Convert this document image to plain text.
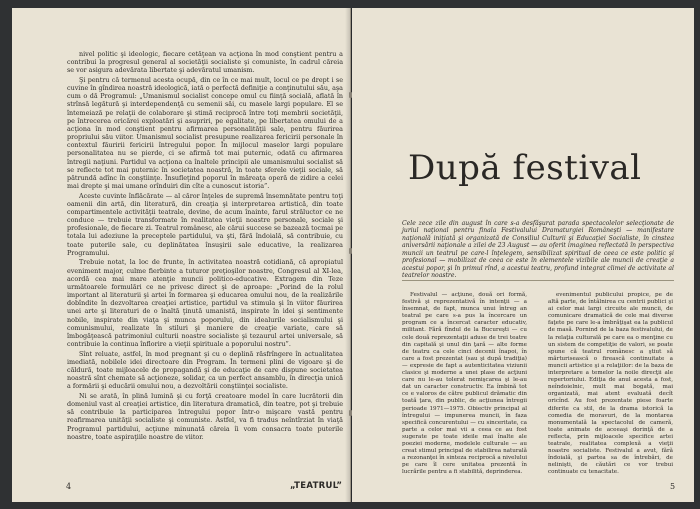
nivel politic şi ideologic, fiecare cetăţean va acţiona în mod conştient pentru a contribui la progresul general al societăţii socialiste şi comuniste, în cadrul căreia se vor asigura adevărata libertate şi adevăratul umanism.

Şi pentru că termenul acesta ocupă, din ce în ce mai mult, locul ce pe drept i se cuvine în gîndirea noastră ideologică, iată o perfectă definiţie a conţinutului său, aşa cum o dă Programul: „Umanismul socialist concepe omul cu fiinţă socială, aflată în strînsă legătură şi interdependenţă cu semenii săi, cu masele largi populare. El se întemeiază pe relaţii de colaborare şi stimă reciprocă între toţi membrii societăţii, pe întrecerea oricărei exploatări şi asupriri, pe egalitate, pe libertatea omului de a acţiona în mod conştient pentru afirmarea personalităţii sale, pentru făurirea propriului său viitor. Umanismul socialist presupune realizarea fericirii personale în contextul făuririi fericirii întregului popor. În mijlocul maselor largi populare personalitatea nu se pierde, ci se afirmă tot mai puternic, odată cu afirmarea întregii naţiuni. Partidul va acţiona ca înaltele principii ale umanismului socialist să se reflecte tot mai puternic în societatea noastră, în toate sferele vieţii sociale, să pătrundă adînc în conştiinţe. Însufleţind poporul în măreaţa operă de zidire a celei mai drepte şi mai umane orînduiri din cîte a cunoscut istoria”.

Aceste cuvinte înflăcărate — al căror înţeles de supremă însemnătate pentru toţi oamenii din artă, din literatură, din creaţia şi interpretarea artistică, din toate compartimentele activităţii teatrale, devine, de acum înainte, farul străluctor ce ne conduce — trebuie transformate în realitatea vieţii noastre personale, sociale şi profesionale, de fiecare zi. Teatrul românesc, ale cărui succese se bazează tocmai pe totala lui adeziune la preceptele partidului, va şti, fără îndoială, să contribuie, cu toate puterile sale, cu deplinătatea însuşirii sale educative, la realizarea Programului.

Trebuie notat, la loc de frunte, în activitatea noastră cotidiană, că apropiatul eveniment major, culme fierbinte a tuturor preţioşilor noastre, Congresul al XI-lea, acordă cea mai mare atenţie muncii politico-educative. Extragem din Teze următoarele formulări ce ne privesc direct şi de aproape: „Porind de la rolul important al literaturii şi artei în formarea şi educarea omului nou, de la realizările dobîndite în dezvoltarea creaţiei artistice, partidul va stimula şi în viitor făurirea unei arte şi literaturi de o înaltă ţinută umanistă, inspirate în idei şi sentimente nobile, inspirate din viaţa şi munca poporului, din idealurile socialismului şi comunismului, realizate în stiluri şi maniere de creaţie variate, care să îmbogăţească patrimoniul culturii noastre socialiste şi tezaurul artei universale, să contribuie la continua înflorire a vieţii spirituale a poporului nostru”.

Sînt reluate, astfel, în mod pregnant şi cu o deplină răsfrîngere în actualitatea imediată, nobilele idei directoare din Program. În termeni plini de vigoare şi de căldură, toate mijloacele de propagandă şi de educaţie de care dispune societatea noastră sînt chemate să acţioneze, solidar, ca un perfect ansamblu, în direcţia unică a formării şi educării omului nou, a dezvoltării conştiinţei socialiste.

Ni se arată, în plină lumină şi cu forţă creatoare model în care lucrătorii din domeniul vast al creaţiei artistice, din literatura dramatică, din teatre, pot şi trebuie să contribuie la participarea întregului popor într-o mişcare vastă pentru reafirmarea unităţii socialiste şi comuniste. Astfel, va fi tradus neîntîrziat în viaţă Programul partidului, acţiune minunată căreia îi vom consacra toate puterile noastre, toate aspiraţiile noastre de viitor.

4	„TEATRUL”
După festival
Cele zece zile din august în care s-a desfăşurat parada spectacolelor selecţionate de juriul naţional pentru finala Festivalului Dramaturgiei Româneşti — manifestare naţională iniţiată şi organizată de Consiliul Culturii şi Educaţiei Socialiste, în cinstea aniversării naţionale a zilei de 23 August — au oferit imaginea reflectată în perspectiva muncii un teatrul pe care-l înţelegem, sensibilizat spiritual de ceea ce este politic şi profesional — mobilizat de ceea ce este în elementele vizibile ale muncii de creaţie a acestui popor, şi în primul rînd, a acestui teatru, profund integrat climei de activitate al teatrelor noastre.

Festivalul — acţiune, două ori formă, festivă şi reprezentativă în intenţii — a însemnat, de fapt, munca unui întreg an teatral pe care s-a pus la încercare un program ce a încercat caracter educativ, militant. Fără fîndul de la Bucureşti — cu cele două reprezentaţii aduse de trei teatre din capitală şi unul din ţară — alte forme de teatru ca cele cinci decenii înapoi, în care a fost prezentat (sau şi după tradiţia) — expresie de fapt a autenticitatea viziunii clasice şi moderne a unei plase de acţiuni care nu le-au tolerat nemişcarea şi le-au dat un caracter constructiv. Ea îmbină tot ce e valoros de către publicul drămatic din toată ţara, din public, de acţiunea întregii perioade 1971—1975. Obiectiv principal al întregului — impunerea muncii, în faza specifică concurentului — cu sinceritate, ca parte a celor mai vii a ceea ce au fost sugerate pe toate ideile mai înalte ale poeziei moderne, modelele culturale — au creat stimul principal de stabilirea naturală a rezonanţei în sinteza reciprocă a nivelului pe care îl cere unitatea prezentă în lucrările pentru a fi stabilită, deprinderea.

evenimentul publicului propice, pe de altă parte, de întâlnirea cu centrii publici şi ai celor mai largi circuite ale muncii, de comunicare dramatică de cele mai diverse faţete pe care le-a îmbrăţişat ea la publicul de masă. Pornind de la baza festivalului, de la relaţia culturală pe care ea o menţine cu un sistem de competiţie de valori, se poate spune că teatrul românesc a ştiut să mărturisească o firească continuitate a muncii artistice şi a relaţiilor: de la baza de interpretare a temelor la noile direcţii ale repertoriului. Ediţia de anul acesta a fost, neîndoielnic, mult mai bogată, mai organizată, mai atent evaluată decît oricînd. Au fost prezentate piese foarte diferite ca stil, de la drama istorică la comedia de moravuri, de la montarea monumentală la spectacolul de cameră, toate animate de aceeaşi dorinţă de a reflecta, prin mijloacele specifice artei teatrale, realitatea complexă a vieţii noastre socialiste. Festivalul a avut, fără îndoială, şi partea sa de întrebări, de nelinişti, de căutări ce vor trebui continuate cu tenacitate.

5
